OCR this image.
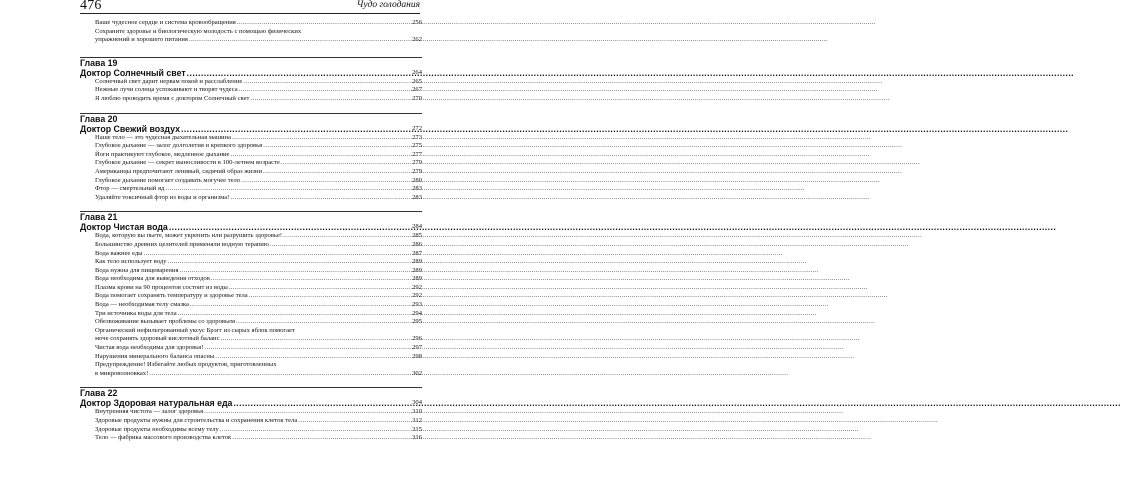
476	Чудо голодания
Ваше чудесное сердце и система кровообращения .....	256
Сохраните здоровье и биологическую молодость с помощью физических
упражнений и хорошего питания .....	262
Глава 19
Доктор Солнечный свет .....	264
Солнечный свет дарит нервам покой и расслабление .....	265
Нежные лучи солнца успокаивают и творят чудеса .....	267
Я люблю проводить время с доктором Солнечный свет .....	270
Глава 20
Доктор Свежий воздух .....	272
Наше тело — это чудесная дыхательная машина .....	273
Глубокое дыхание — залог долголетия и крепкого здоровья .....	275
Йоги практикуют глубокое, медленное дыхание .....	277
Глубокое дыхание — секрет выносливости в 100-летнем возрасте .....	279
Американцы предпочитают ленивый, сидячий образ жизни .....	279
Глубокое дыхание помогает создавать могучее тело .....	280
Фтор — смертельный яд .....	283
Удаляйте токсичный фтор из воды и организма! .....	283
Глава 21
Доктор Чистая вода .....	284
Вода, которую вы пьете, может укрепить или разрушить здоровье! .....	285
Большинство древних целителей применяли водную терапию .....	286
Вода важнее еды .....	287
Как тело использует воду .....	289
Вода нужна для пищеварения .....	289
Вода необходима для выведения отходов .....	289
Плазма крови на 90 процентов состоит из воды .....	292
Вода помогает сохранять температуру и здоровье тела .....	292
Вода — необходимая телу смазка .....	293
Три источника воды для тела .....	294
Обезвоживание вызывает проблемы со здоровьем .....	295
Органический нефильтрованный уксус Брэгг из сырых яблок помогает
моче сохранять здоровый кислотный баланс .....	296
Чистая вода необходима для здоровья! .....	297
Нарушения минерального баланса опасны .....	298
Предупреждение! Избегайте любых продуктов, приготовленных
в микроволновках! .....	302
Глава 22
Доктор Здоровая натуральная еда .....	304
Внутренняя чистота — залог здоровья .....	310
Здоровые продукты нужны для строительства и сохранения клеток тела .....	312
Здоровые продукты необходимы всему телу .....	315
Тело — фабрика массового производства клеток .....	316
